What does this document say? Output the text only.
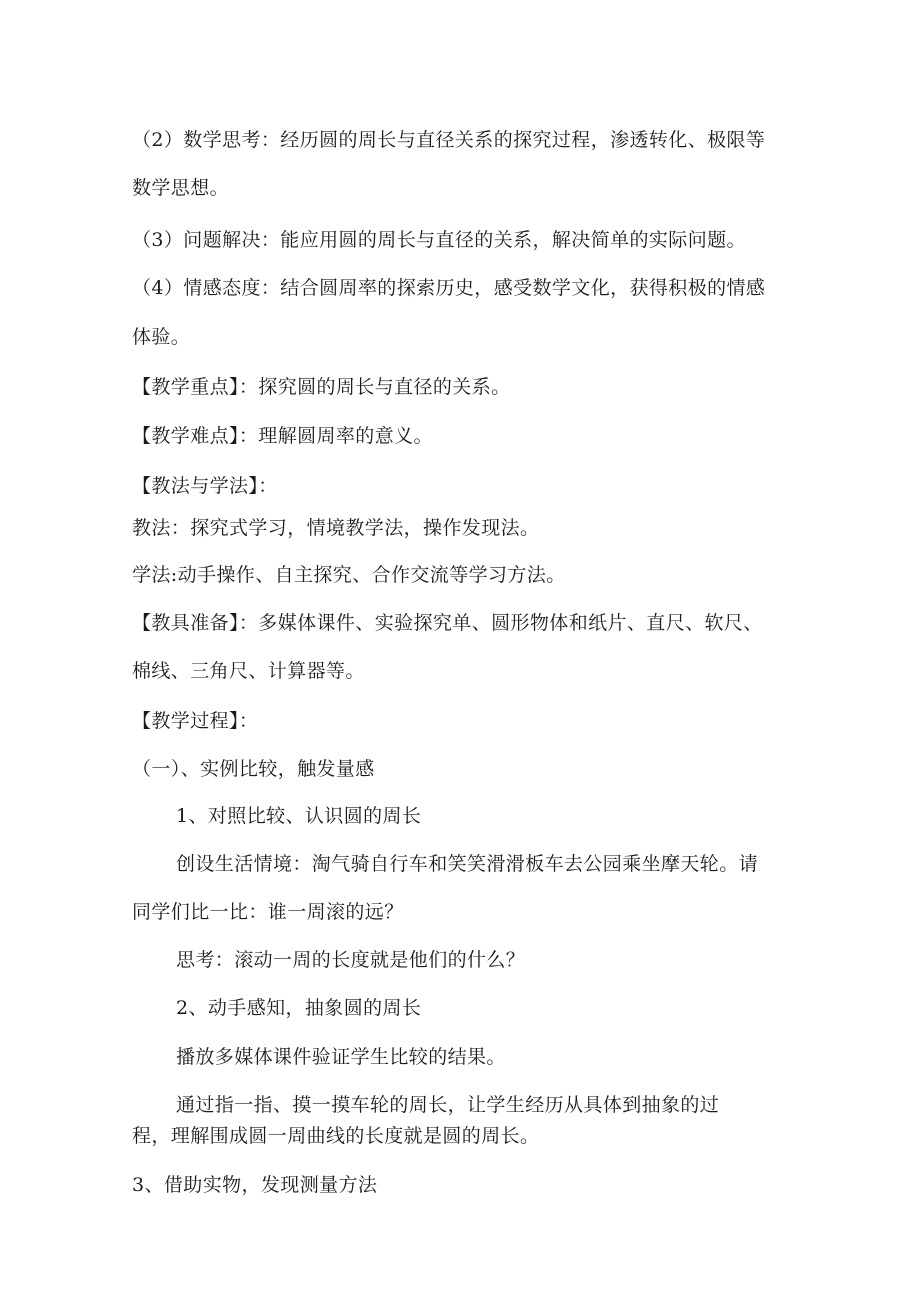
（2）数学思考：经历圆的周长与直径关系的探究过程，渗透转化、极限等
数学思想。
（3）问题解决：能应用圆的周长与直径的关系，解决简单的实际问题。
（4）情感态度：结合圆周率的探索历史，感受数学文化，获得积极的情感
体验。
【教学重点】：探究圆的周长与直径的关系。
【教学难点】：理解圆周率的意义。
【教法与学法】：
教法：探究式学习，情境教学法，操作发现法。
学法:动手操作、自主探究、合作交流等学习方法。
【教具准备】：多媒体课件、实验探究单、圆形物体和纸片、直尺、软尺、
棉线、三角尺、计算器等。
【教学过程】：
（一）、实例比较，触发量感
1、对照比较、认识圆的周长
创设生活情境：淘气骑自行车和笑笑滑滑板车去公园乘坐摩天轮。请
同学们比一比：谁一周滚的远？
思考：滚动一周的长度就是他们的什么？
2、动手感知，抽象圆的周长
播放多媒体课件验证学生比较的结果。
通过指一指、摸一摸车轮的周长，让学生经历从具体到抽象的过
程，理解围成圆一周曲线的长度就是圆的周长。
3、借助实物，发现测量方法
